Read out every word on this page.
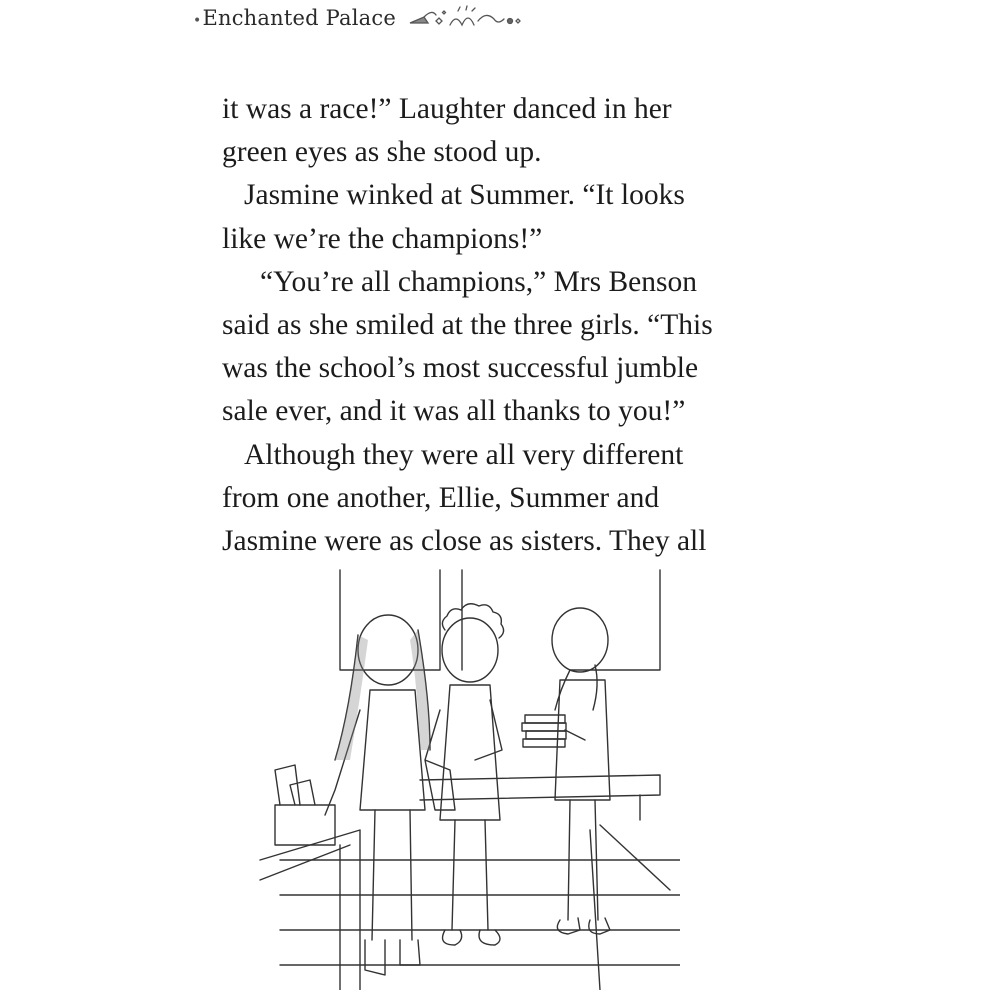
•Enchanted Palace
it was a race!” Laughter danced in her
green eyes as she stood up.
Jasmine winked at Summer. “It looks
like we’re the champions!”
“You’re all champions,” Mrs Benson
said as she smiled at the three girls. “This
was the school’s most successful jumble
sale ever, and it was all thanks to you!”
Although they were all very different
from one another, Ellie, Summer and
Jasmine were as close as sisters. They all
